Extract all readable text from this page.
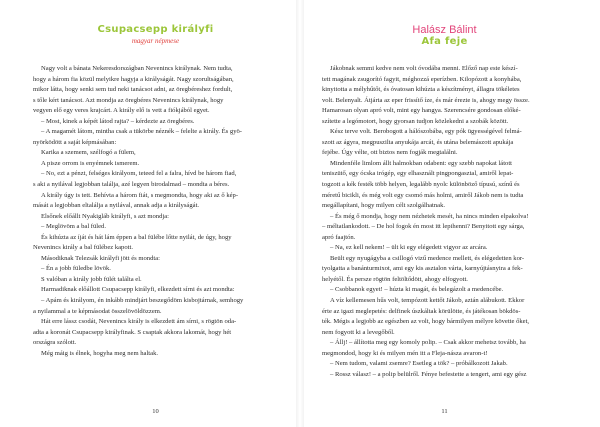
Csupacsepp királyfi
magyar népmese

Nagy volt a bánata Nekeresdországban Nevenincs királynak. Nem tudta,

hogy a három fia közül melyikre hagyja a királyságát. Nagy szorultságában,

mikor látta, hogy senki sem tud neki tanácsot adni, az öregbéreshez fordult,

s tőle kért tanácsot. Azt mondja az öregbéres Nevenincs királynak, hogy

vegyen elő egy veres krajcárt. A király elő is vett a fiókjából egyet.

– Most, kinek a képét látod rajta? – kérdezte az öregbéres.

– A magamét látom, mintha csak a tükörbe néznék – felelte a király. És gyö-

nyörködött a saját képmásában:

Karika a szemem, szélfogó a fülem,

A pisze orrom is enyémnek ismerem.

– No, ezt a pénzt, felséges királyom, teteed fel a falra, hívd be három fiad,

s aki a nyilával legjobban találja, azé legyen birodalmad – mondta a béres.

A király úgy is tett. Behívta a három fiát, s megmondta, hogy aki az ő kép-

mását a legjobban eltalálja a nyilával, annak adja a királyságát.

Elsőnek előállt Nyakigláb királyfi, s azt mondja:

– Meglövöm a bal füled.

És kihúzta az íját és hát lám éppen a bal fülébe lőtte nyilát, de úgy, hogy

Nevenincs király a bal fülébez kapott.

Másodiknak Telezsák királyfi jött és mondta:

– Én a jobb füledbe lövök.

S valóban a király jobb fülét találta el.

Harmadiknak előállott Csupacsepp királyfi, elkezdett sírni és azt mondta:

– Apám és királyom, én inkább mindjárt beszegődöm kisbojtárnak, semhogy

a nyilammal a te képmásodat összelövöldözzem.

Hát erre lássz csodát, Nevenincs király is elkezdett ám sírni, s rögtön oda-

adta a koronát Csupacsepp királyfinak. S csaptak akkora lakomát, hogy hét

országra szólott.

Még máig is élnek, hogyha meg nem haltak.

10
Halász Bálint
Afa feje

Jákobnak semmi kedve nem volt óvodába menni. Előző nap este készí-

tett magának zsugorító fagyit, méghozzá eperízben. Kilopózott a konyhába,

kinyitotta a mélyhűtőt, és óvatosan kihúzta a készítményt, állagra tökéletes

volt. Belenyalt. Átjárta az eper frissítő íze, és már érezte is, ahogy megy össze.

Hamarosan olyan apró volt, mint egy hangya. Szerencsére gondosan előké-

szítette a legómotort, hogy gyorsan tudjon közlekedni a szobák között.

Kész terve volt. Berobogott a hálószobába, egy pók ügyességével felmá-

szott az ágyra, megpuszilta anyukája arcát, és utána belemászott apukája

fejébe. Úgy vélte, ott biztos nem fogják megtalálni.

Mindenféle limlom állt halmokban odabent: egy szebb napokat látott

teniszütő, egy ócska irógép, egy elhasznált pingpongasztal, amiről lepat-

togzott a kék festék több helyen, legalább nyolc különböző típusú, színű és

méretű bicikli, és még volt egy csomó más holmi, amiről Jákob nem is tudta

megállapítani, hogy milyen célt szolgálhatnak.

– És még ő mondja, hogy nem nézhetek mesét, ha nincs minden elpakolva!

– méltatlankodott. – De hol fogok én most itt lepihenni? Benyitott egy sárga,

apró faajtón.

– Na, ez kell nekem! – ült ki egy elégedett vigyor az arcára.

Beült egy nyugágyba a csillogó vizű medence mellett, és elégedetten kor-

tyolgatta a banánturmixot, ami egy kis asztalon várta, karnyújtásnyira a fek-

helyétől. És persze rögtön feltöltődött, ahogy elfogyott.

– Csobbanok egyet! – húzta ki magát, és belegázolt a medencébe.

A víz kellemesen hűs volt, tempózott kettőt Jákob, aztán alábukott. Ekkor

érte az igazi meglepetés: delfinek úszkáltak körülötte, és játékosan bökdös-

ték. Mégis a legjobb az egészben az volt, hogy bármilyen mélyre követte őket,

nem fogyott ki a levegőből.

– Állj! – állította meg egy komoly polip. – Csak akkor mehetsz tovább, ha

megmondod, hogy ki és milyen mén itt a Fleja-násza avaron-t!

– Nem tudom, valami zsemre? Esetleg a tök? – próbálkozott Jakab.

– Rossz válasz! – a polip belülről. Fénye befestette a tengert, ami egy gész

11
